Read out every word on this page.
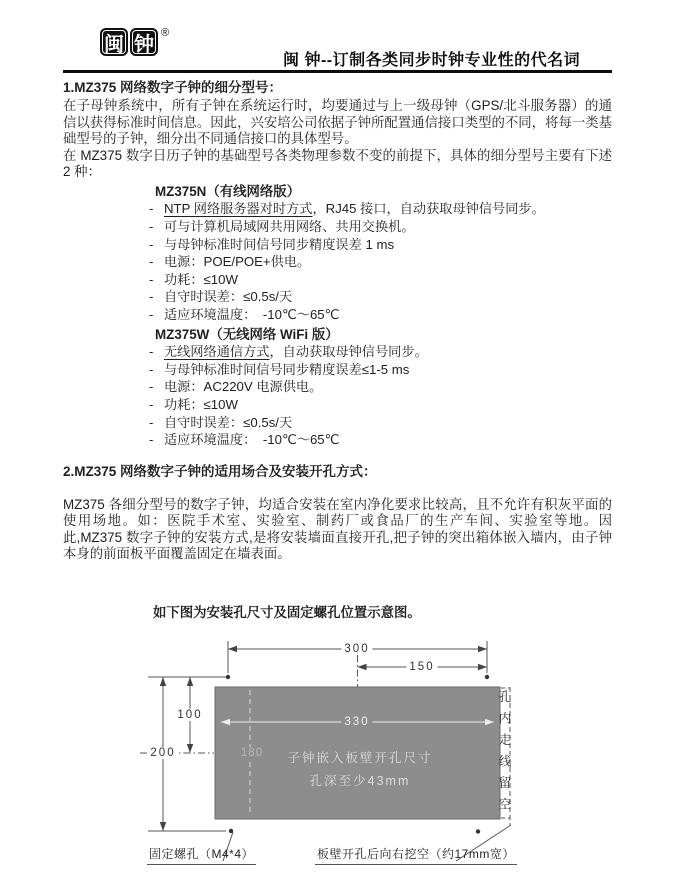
闽 钟
®
闽 钟--订制各类同步时钟专业性的代名词

1.MZ375 网络数字子钟的细分型号：

在子母钟系统中，所有子钟在系统运行时，均要通过与上一级母钟（GPS/北斗服务器）的通信以获得标准时间信息。因此，兴安培公司依据子钟所配置通信接口类型的不同，将每一类基础型号的子钟，细分出不同通信接口的具体型号。

在 MZ375 数字日历子钟的基础型号各类物理参数不变的前提下，具体的细分型号主要有下述 2 种：

MZ375N（有线网络版）

- NTP 网络服务器对时方式，RJ45 接口，自动获取母钟信号同步。
- 可与计算机局域网共用网络、共用交换机。
- 与母钟标准时间信号同步精度误差 1 ms
- 电源：POE/POE+供电。
- 功耗：≤10W
- 自守时误差：≤0.5s/天
- 适应环境温度：　-10℃～65℃

MZ375W（无线网络 WiFi 版）

- 无线网络通信方式，自动获取母钟信号同步。
- 与母钟标准时间信号同步精度误差≤1-5 ms
- 电源：AC220V 电源供电。
- 功耗：≤10W
- 自守时误差：≤0.5s/天
- 适应环境温度：　-10℃～65℃

2.MZ375 网络数字子钟的适用场合及安装开孔方式：

MZ375 各细分型号的数字子钟，均适合安装在室内净化要求比较高，且不允许有积灰平面的使用场地。如：医院手术室、实验室、制药厂或食品厂的生产车间、实验室等地。因此,MZ375 数字子钟的安装方式,是将安装墙面直接开孔,把子钟的突出箱体嵌入墙内，由子钟本身的前面板平面覆盖固定在墙表面。

如下图为安装孔尺寸及固定螺孔位置示意图。

300
150
100
200
330
180 子钟嵌入板壁开孔尺寸
孔深至少43mm	孔内走线留空
固定螺孔（M4*4）	板壁开孔后向右挖空（约17mm宽）
